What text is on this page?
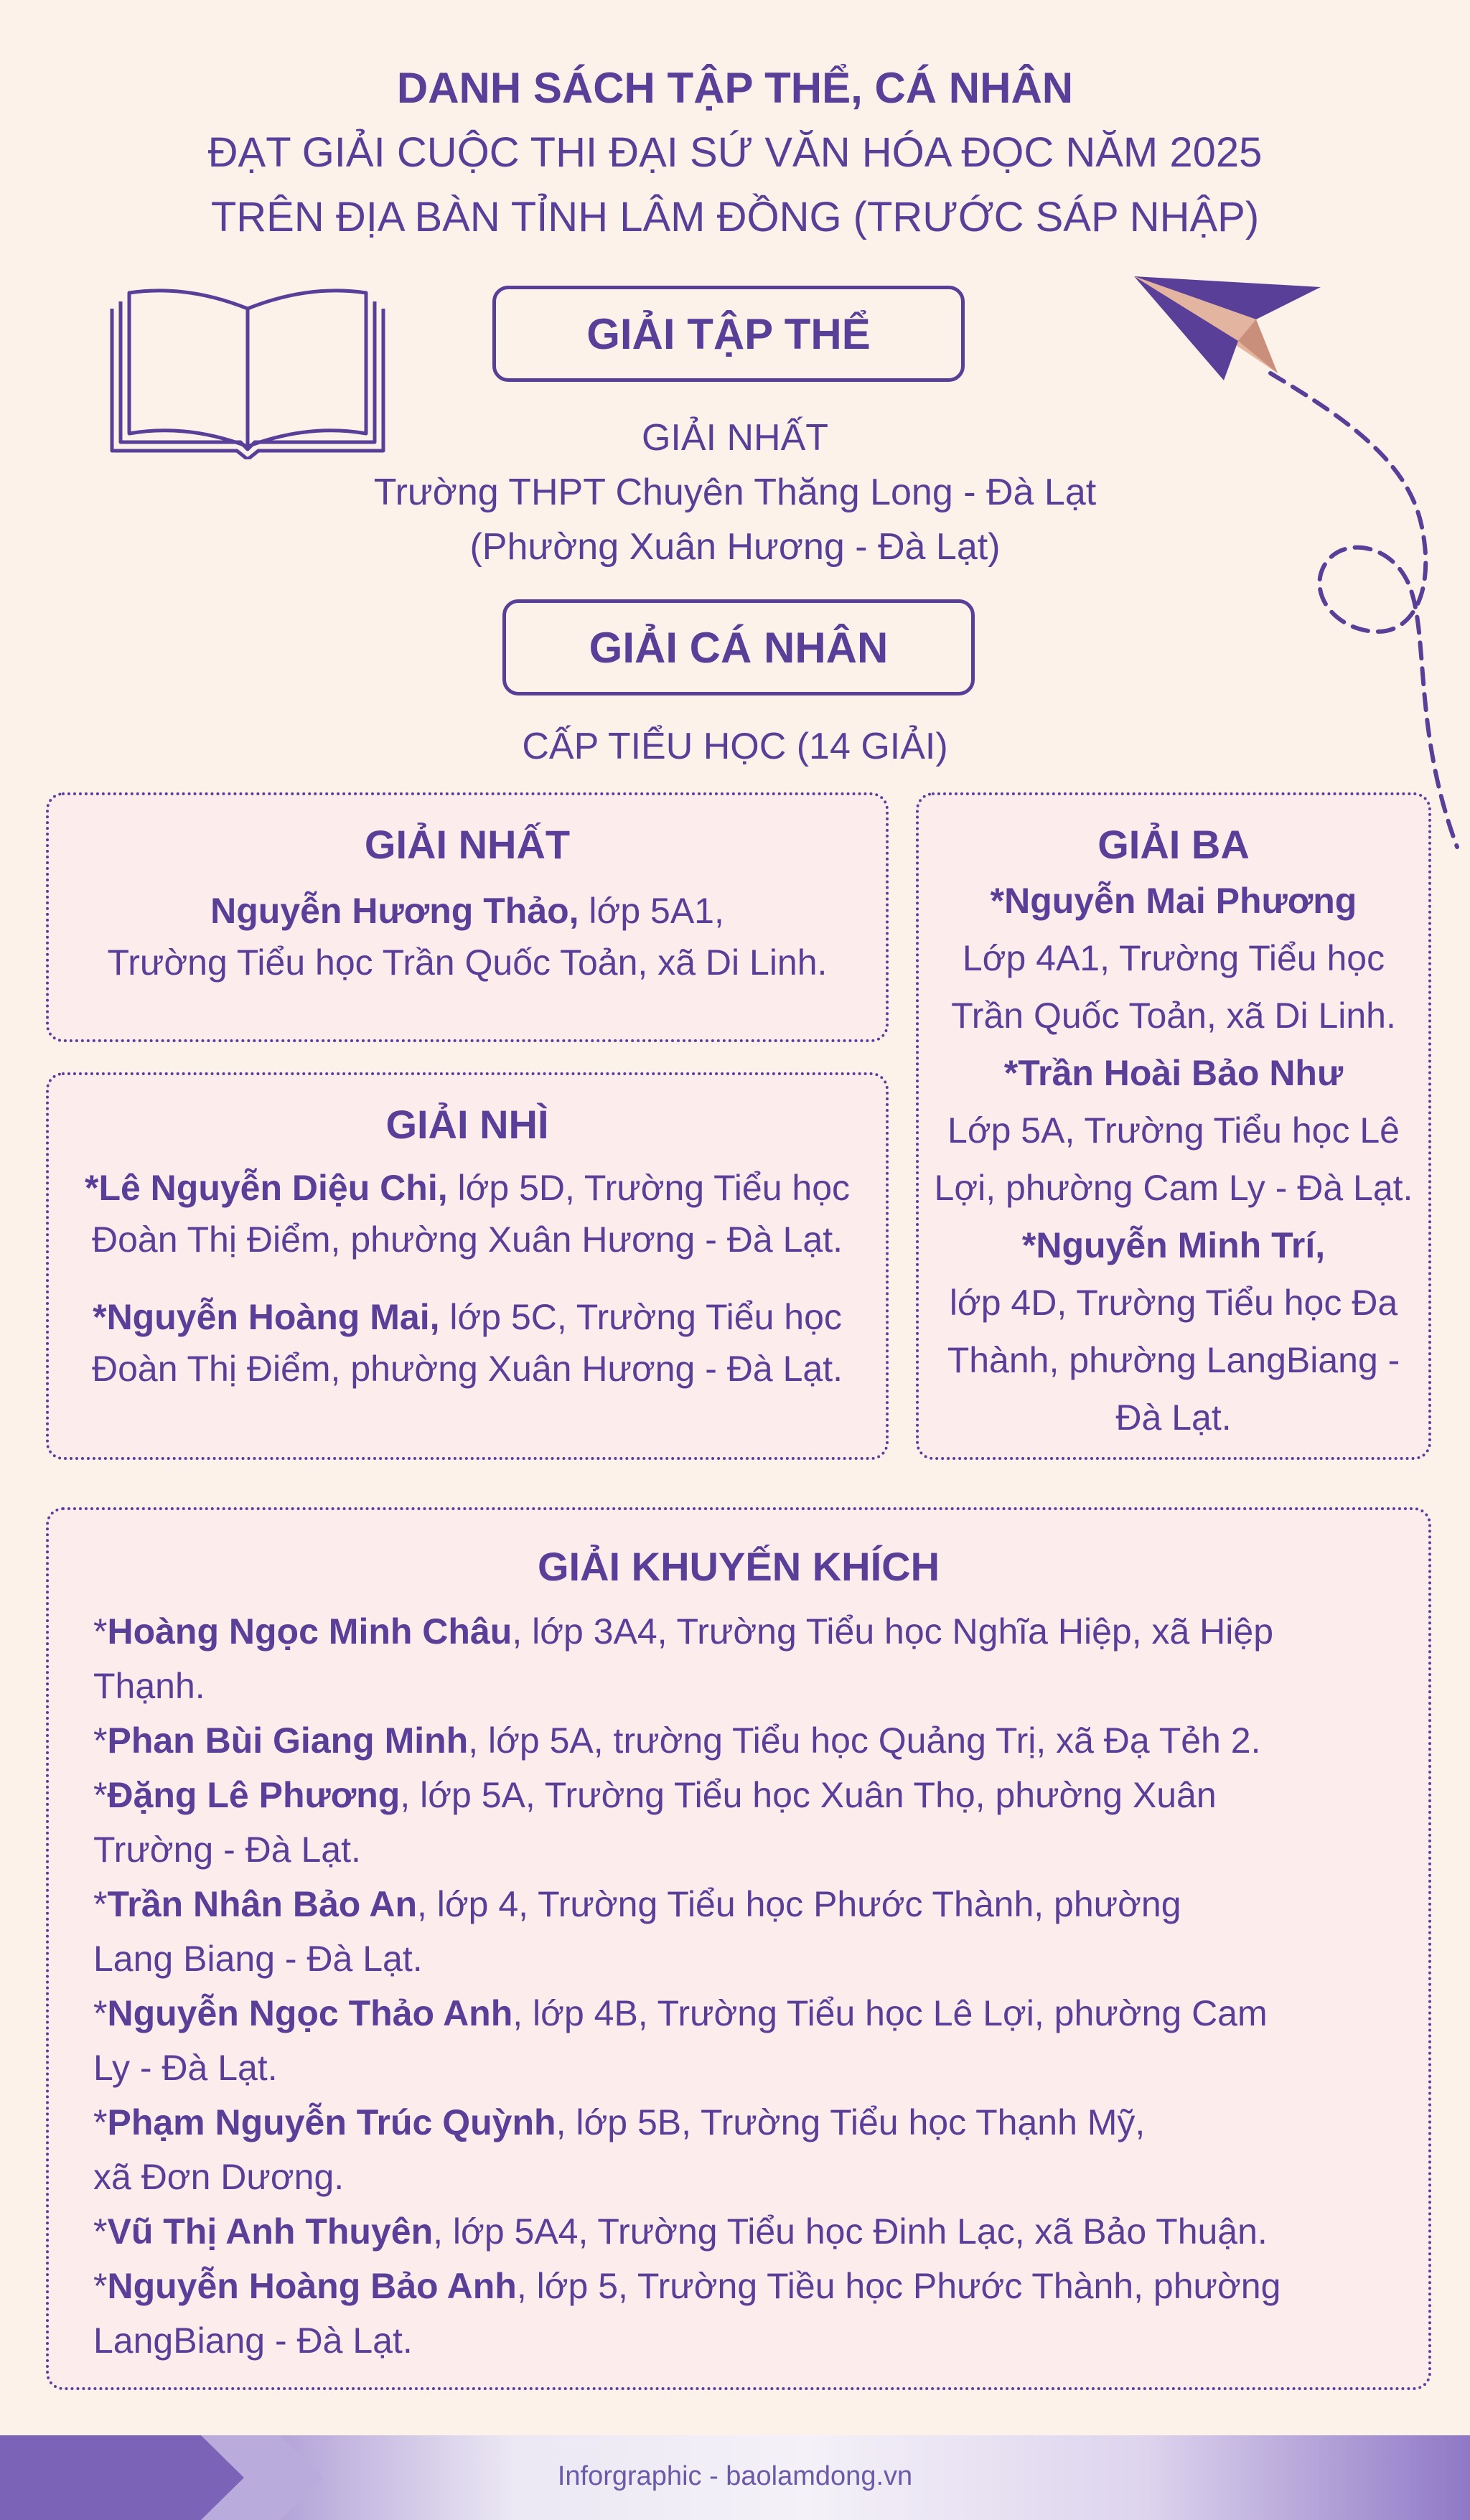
DANH SÁCH TẬP THỂ, CÁ NHÂN
ĐẠT GIẢI CUỘC THI ĐẠI SỨ VĂN HÓA ĐỌC NĂM 2025
TRÊN ĐỊA BÀN TỈNH LÂM ĐỒNG (TRƯỚC SÁP NHẬP)
GIẢI TẬP THỂ
GIẢI NHẤT
Trường THPT Chuyên Thăng Long - Đà Lạt
(Phường Xuân Hương - Đà Lạt)
GIẢI CÁ NHÂN
CẤP TIỂU HỌC (14 GIẢI)
GIẢI NHẤT
Nguyễn Hương Thảo, lớp 5A1,
Trường Tiểu học Trần Quốc Toản, xã Di Linh.
GIẢI NHÌ
*Lê Nguyễn Diệu Chi, lớp 5D, Trường Tiểu học
Đoàn Thị Điểm, phường Xuân Hương - Đà Lạt.
*Nguyễn Hoàng Mai, lớp 5C, Trường Tiểu học
Đoàn Thị Điểm, phường Xuân Hương - Đà Lạt.
GIẢI BA
*Nguyễn Mai Phương
Lớp 4A1, Trường Tiểu học
Trần Quốc Toản, xã Di Linh.
*Trần Hoài Bảo Như
Lớp 5A, Trường Tiểu học Lê
Lợi, phường Cam Ly - Đà Lạt.
*Nguyễn Minh Trí,
lớp 4D, Trường Tiểu học Đa
Thành, phường LangBiang -
Đà Lạt.
GIẢI KHUYẾN KHÍCH
*Hoàng Ngọc Minh Châu, lớp 3A4, Trường Tiểu học Nghĩa Hiệp, xã Hiệp
Thạnh.
*Phan Bùi Giang Minh, lớp 5A, trường Tiểu học Quảng Trị, xã Đạ Tẻh 2.
*Đặng Lê Phương, lớp 5A, Trường Tiểu học Xuân Thọ, phường Xuân
Trường - Đà Lạt.
*Trần Nhân Bảo An, lớp 4, Trường Tiểu học Phước Thành, phường
Lang Biang - Đà Lạt.
*Nguyễn Ngọc Thảo Anh, lớp 4B, Trường Tiểu học Lê Lợi, phường Cam
Ly - Đà Lạt.
*Phạm Nguyễn Trúc Quỳnh, lớp 5B, Trường Tiểu học Thạnh Mỹ,
xã Đơn Dương.
*Vũ Thị Anh Thuyên, lớp 5A4, Trường Tiểu học Đinh Lạc, xã Bảo Thuận.
*Nguyễn Hoàng Bảo Anh, lớp 5, Trường Tiều học Phước Thành, phường
LangBiang - Đà Lạt.
Inforgraphic - baolamdong.vn
